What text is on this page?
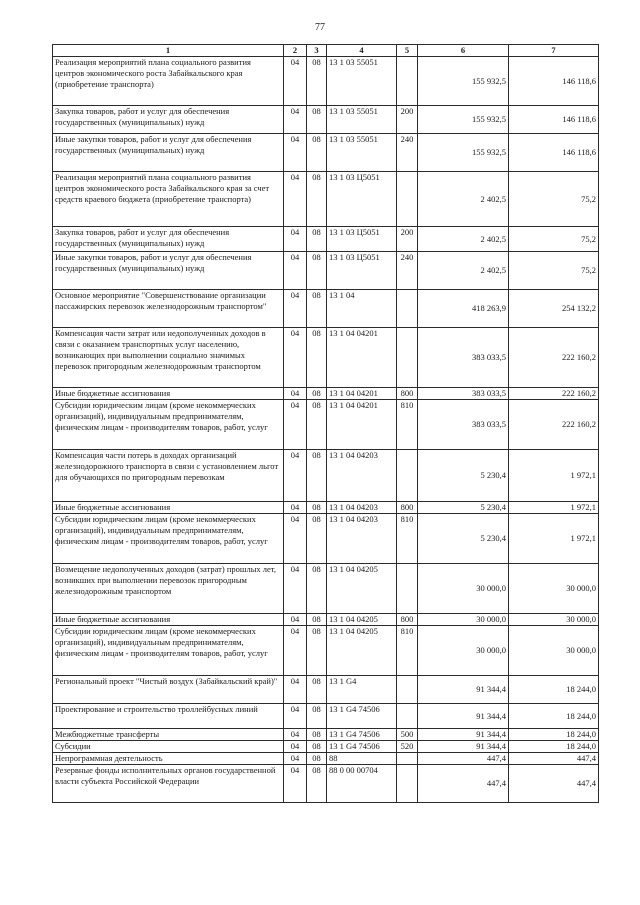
77
1	2	3	4	5	6	7
Реализация мероприятий плана социального развития центров экономического роста Забайкальского края (приобретение транспорта)	04	08	13 1 03 55051		155 932,5	146 118,6
Закупка товаров, работ и услуг для обеспечения государственных (муниципальных) нужд	04	08	13 1 03 55051	200	155 932,5	146 118,6
Иные закупки товаров, работ и услуг для обеспечения государственных (муниципальных) нужд	04	08	13 1 03 55051	240	155 932,5	146 118,6
Реализация мероприятий плана социального развития центров экономического роста Забайкальского края за счет средств краевого бюджета (приобретение транспорта)	04	08	13 1 03 Ц5051		2 402,5	75,2
Закупка товаров, работ и услуг для обеспечения государственных (муниципальных) нужд	04	08	13 1 03 Ц5051	200	2 402,5	75,2
Иные закупки товаров, работ и услуг для обеспечения государственных (муниципальных) нужд	04	08	13 1 03 Ц5051	240	2 402,5	75,2
Основное мероприятие "Совершенствование организации пассажирских перевозок железнодорожным транспортом"	04	08	13 1 04		418 263,9	254 132,2
Компенсация части затрат или недополученных доходов в связи с оказанием транспортных услуг населению, возникающих при выполнении социально значимых перевозок пригородным железнодорожным транспортом	04	08	13 1 04 04201		383 033,5	222 160,2
Иные бюджетные ассигнования	04	08	13 1 04 04201	800	383 033,5	222 160,2
Субсидии юридическим лицам (кроме некоммерческих организаций), индивидуальным предпринимателям, физическим лицам - производителям товаров, работ, услуг	04	08	13 1 04 04201	810	383 033,5	222 160,2
Компенсация части потерь в доходах организаций железнодорожного транспорта в связи с установлением льгот для обучающихся по пригородным перевозкам	04	08	13 1 04 04203		5 230,4	1 972,1
Иные бюджетные ассигнования	04	08	13 1 04 04203	800	5 230,4	1 972,1
Субсидии юридическим лицам (кроме некоммерческих организаций), индивидуальным предпринимателям, физическим лицам - производителям товаров, работ, услуг	04	08	13 1 04 04203	810	5 230,4	1 972,1
Возмещение недополученных доходов (затрат) прошлых лет, возникших при выполнении перевозок пригородным железнодорожным транспортом	04	08	13 1 04 04205		30 000,0	30 000,0
Иные бюджетные ассигнования	04	08	13 1 04 04205	800	30 000,0	30 000,0
Субсидии юридическим лицам (кроме некоммерческих организаций), индивидуальным предпринимателям, физическим лицам - производителям товаров, работ, услуг	04	08	13 1 04 04205	810	30 000,0	30 000,0
Региональный проект "Чистый воздух (Забайкальский край)"	04	08	13 1 G4		91 344,4	18 244,0
Проектирование и строительство троллейбусных линий	04	08	13 1 G4 74506		91 344,4	18 244,0
Межбюджетные трансферты	04	08	13 1 G4 74506	500	91 344,4	18 244,0
Субсидии	04	08	13 1 G4 74506	520	91 344,4	18 244,0
Непрограммная деятельность	04	08	88		447,4	447,4
Резервные фонды исполнительных органов государственной власти субъекта Российской Федерации	04	08	88 0 00 00704		447,4	447,4
